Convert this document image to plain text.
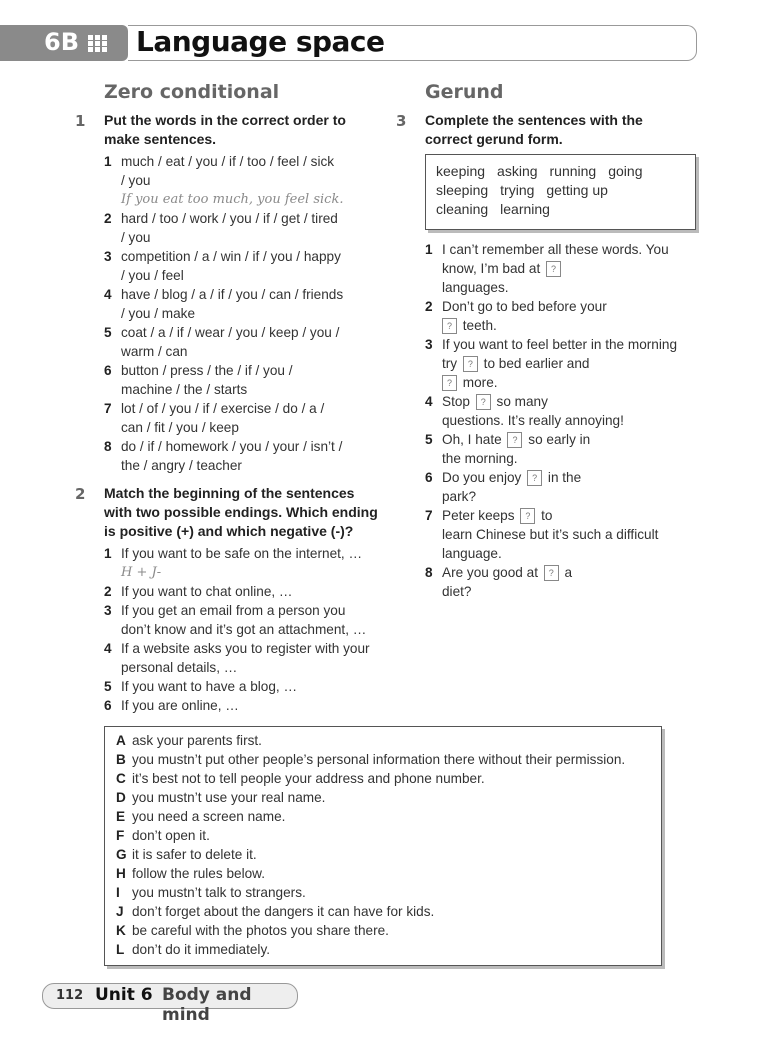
6B Language space
Zero conditional
1 Put the words in the correct order to
make sentences.
1 much / eat / you / if / too / feel / sick
/ you
If you eat too much, you feel sick.
2 hard / too / work / you / if / get / tired
/ you
3 competition / a / win / if / you / happy
/ you / feel
4 have / blog / a / if / you / can / friends
/ you / make
5 coat / a / if / wear / you / keep / you /
warm / can
6 button / press / the / if / you /
machine / the / starts
7 lot / of / you / if / exercise / do / a /
can / fit / you / keep
8 do / if / homework / you / your / isn’t /
the / angry / teacher
2 Match the beginning of the sentences
with two possible endings. Which ending
is positive (+) and which negative (-)?
1 If you want to be safe on the internet, …
H + J-
2 If you want to chat online, …
3 If you get an email from a person you
don’t know and it’s got an attachment, …
4 If a website asks you to register with your
personal details, …
5 If you want to have a blog, …
6 If you are online, …
Gerund
3 Complete the sentences with the
correct gerund form.
keeping asking running going
sleeping trying getting up
cleaning learning
1 I can’t remember all these words. You
know, I’m bad at ?
languages.
2 Don’t go to bed before your
? teeth.
3 If you want to feel better in the morning
try ? to bed earlier and
? more.
4 Stop ? so many
questions. It’s really annoying!
5 Oh, I hate ? so early in
the morning.
6 Do you enjoy ? in the
park?
7 Peter keeps ? to
learn Chinese but it’s such a difficult
language.
8 Are you good at ? a
diet?
A ask your parents first.
B you mustn’t put other people’s personal information there without their permission.
C it’s best not to tell people your address and phone number.
D you mustn’t use your real name.
E you need a screen name.
F don’t open it.
G it is safer to delete it.
H follow the rules below.
I you mustn’t talk to strangers.
J don’t forget about the dangers it can have for kids.
K be careful with the photos you share there.
L don’t do it immediately.
112 Unit 6 Body and mind
